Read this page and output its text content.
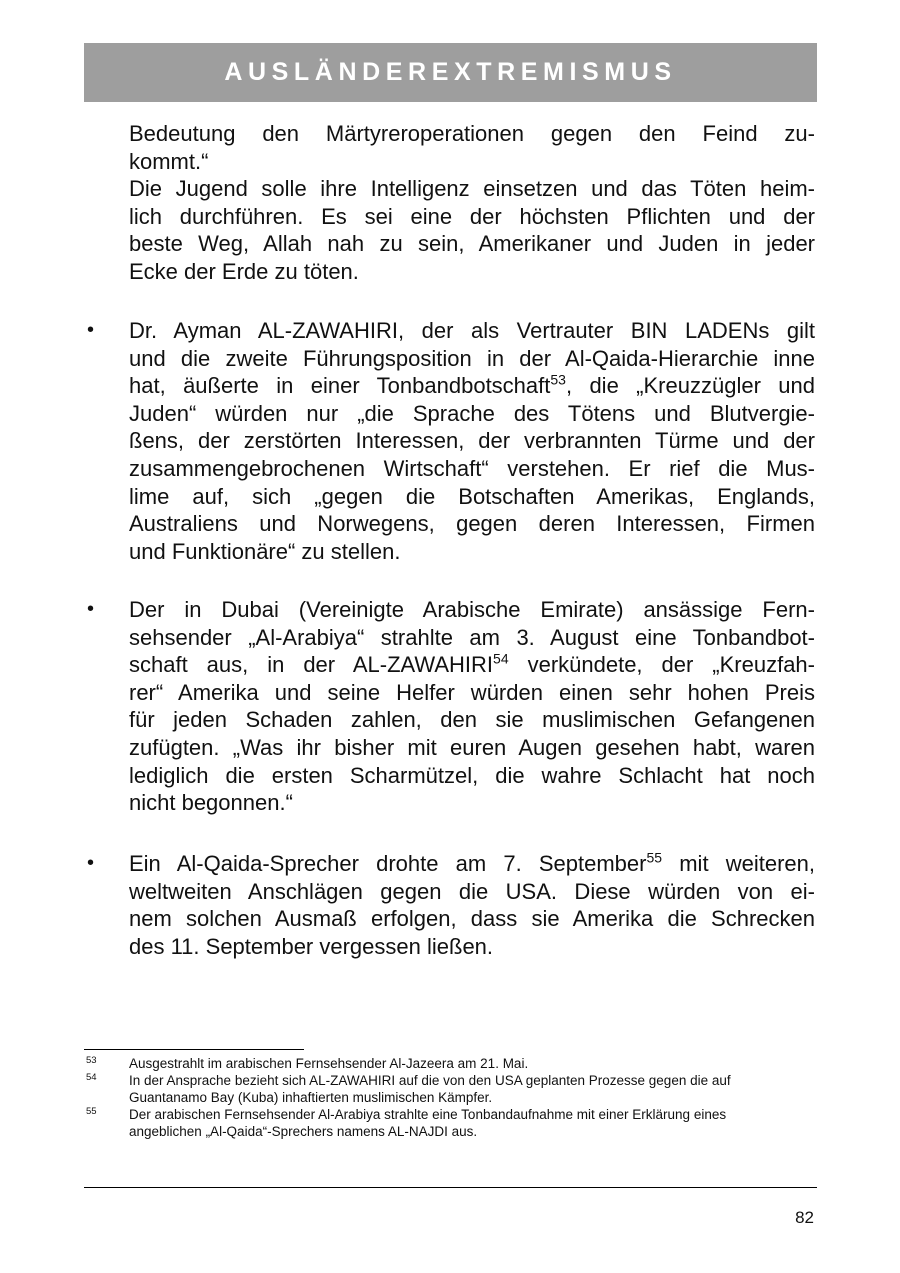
AUSLÄNDEREXTREMISMUS
Bedeutung den Märtyreroperationen gegen den Feind zu-
kommt.“
Die Jugend solle ihre Intelligenz einsetzen und das Töten heim-
lich durchführen. Es sei eine der höchsten Pflichten und der
beste Weg, Allah nah zu sein, Amerikaner und Juden in jeder
Ecke der Erde zu töten.
• Dr. Ayman AL-ZAWAHIRI, der als Vertrauter BIN LADENs gilt
und die zweite Führungsposition in der Al-Qaida-Hierarchie inne
hat, äußerte in einer Tonbandbotschaft$^{53}$, die „Kreuzzügler und
Juden“ würden nur „die Sprache des Tötens und Blutvergie-
ßens, der zerstörten Interessen, der verbrannten Türme und der
zusammengebrochenen Wirtschaft“ verstehen. Er rief die Mus-
lime auf, sich „gegen die Botschaften Amerikas, Englands,
Australiens und Norwegens, gegen deren Interessen, Firmen
und Funktionäre“ zu stellen.
• Der in Dubai (Vereinigte Arabische Emirate) ansässige Fern-
sehsender „Al-Arabiya“ strahlte am 3. August eine Tonbandbot-
schaft aus, in der AL-ZAWAHIRI$^{54}$ verkündete, der „Kreuzfah-
rer“ Amerika und seine Helfer würden einen sehr hohen Preis
für jeden Schaden zahlen, den sie muslimischen Gefangenen
zufügten. „Was ihr bisher mit euren Augen gesehen habt, waren
lediglich die ersten Scharmützel, die wahre Schlacht hat noch
nicht begonnen.“
• Ein Al-Qaida-Sprecher drohte am 7. September$^{55}$ mit weiteren,
weltweiten Anschlägen gegen die USA. Diese würden von ei-
nem solchen Ausmaß erfolgen, dass sie Amerika die Schrecken
des 11. September vergessen ließen.
53 Ausgestrahlt im arabischen Fernsehsender Al-Jazeera am 21. Mai.
54 In der Ansprache bezieht sich AL-ZAWAHIRI auf die von den USA geplanten Prozesse gegen die auf
Guantanamo Bay (Kuba) inhaftierten muslimischen Kämpfer.
55 Der arabischen Fernsehsender Al-Arabiya strahlte eine Tonbandaufnahme mit einer Erklärung eines
angeblichen „Al-Qaida“-Sprechers namens AL-NAJDI aus.
82
